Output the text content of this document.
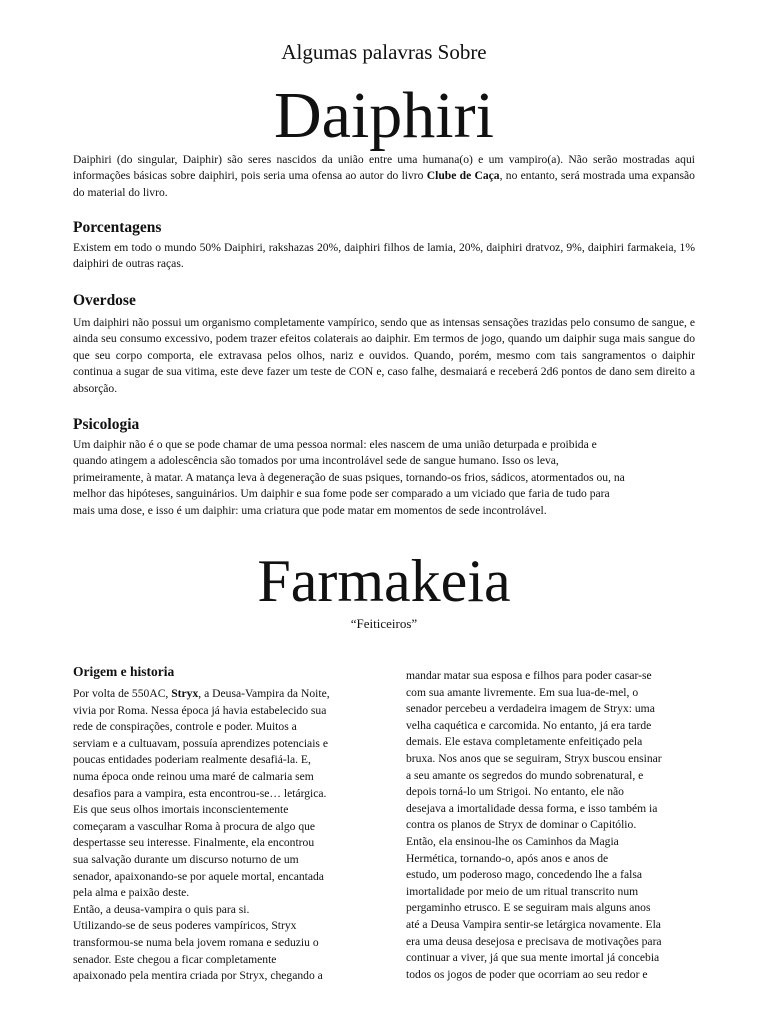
Algumas palavras Sobre
Daiphiri

Daiphiri (do singular, Daiphir) são seres nascidos da união entre uma humana(o) e um vampiro(a). Não serão mostradas aqui informações básicas sobre daiphiri, pois seria uma ofensa ao autor do livro Clube de Caça, no entanto, será mostrada uma expansão do material do livro.

Porcentagens

Existem em todo o mundo 50% Daiphiri, rakshazas 20%, daiphiri filhos de lamia, 20%, daiphiri dratvoz, 9%, daiphiri farmakeia, 1% daiphiri de outras raças.

Overdose

Um daiphiri não possui um organismo completamente vampírico, sendo que as intensas sensações trazidas pelo consumo de sangue, e ainda seu consumo excessivo, podem trazer efeitos colaterais ao daiphir. Em termos de jogo, quando um daiphir suga mais sangue do que seu corpo comporta, ele extravasa pelos olhos, nariz e ouvidos. Quando, porém, mesmo com tais sangramentos o daiphir continua a sugar de sua vitima, este deve fazer um teste de CON e, caso falhe, desmaiará e receberá 2d6 pontos de dano sem direito a absorção.

Psicologia
Um daiphir não é o que se pode chamar de uma pessoa normal: eles nascem de uma união deturpada e proibida e
quando atingem a adolescência são tomados por uma incontrolável sede de sangue humano. Isso os leva,
primeiramente, à matar. A matança leva à degeneração de suas psiques, tornando-os frios, sádicos, atormentados ou, na
melhor das hipóteses, sanguinários. Um daiphir e sua fome pode ser comparado a um viciado que faria de tudo para
mais uma dose, e isso é um daiphir: uma criatura que pode matar em momentos de sede incontrolável.
Farmakeia
“Feiticeiros”
Origem e historia
Por volta de 550AC, Stryx, a Deusa-Vampira da Noite,
vivia por Roma. Nessa época já havia estabelecido sua
rede de conspirações, controle e poder. Muitos a
serviam e a cultuavam, possuía aprendizes potenciais e
poucas entidades poderiam realmente desafiá-la. E,
numa época onde reinou uma maré de calmaria sem
desafios para a vampira, esta encontrou-se… letárgica.
Eis que seus olhos imortais inconscientemente
começaram a vasculhar Roma à procura de algo que
despertasse seu interesse. Finalmente, ela encontrou
sua salvação durante um discurso noturno de um
senador, apaixonando-se por aquele mortal, encantada
pela alma e paixão deste.
Então, a deusa-vampira o quis para si.
Utilizando-se de seus poderes vampíricos, Stryx
transformou-se numa bela jovem romana e seduziu o
senador. Este chegou a ficar completamente
apaixonado pela mentira criada por Stryx, chegando a
mandar matar sua esposa e filhos para poder casar-se
com sua amante livremente. Em sua lua-de-mel, o
senador percebeu a verdadeira imagem de Stryx: uma
velha caquética e carcomida. No entanto, já era tarde
demais. Ele estava completamente enfeitiçado pela
bruxa. Nos anos que se seguiram, Stryx buscou ensinar
a seu amante os segredos do mundo sobrenatural, e
depois torná-lo um Strigoi. No entanto, ele não
desejava a imortalidade dessa forma, e isso também ia
contra os planos de Stryx de dominar o Capitólio.
Então, ela ensinou-lhe os Caminhos da Magia
Hermética, tornando-o, após anos e anos de
estudo, um poderoso mago, concedendo lhe a falsa
imortalidade por meio de um ritual transcrito num
pergaminho etrusco. E se seguiram mais alguns anos
até a Deusa Vampira sentir-se letárgica novamente. Ela
era uma deusa desejosa e precisava de motivações para
continuar a viver, já que sua mente imortal já concebia
todos os jogos de poder que ocorriam ao seu redor e
